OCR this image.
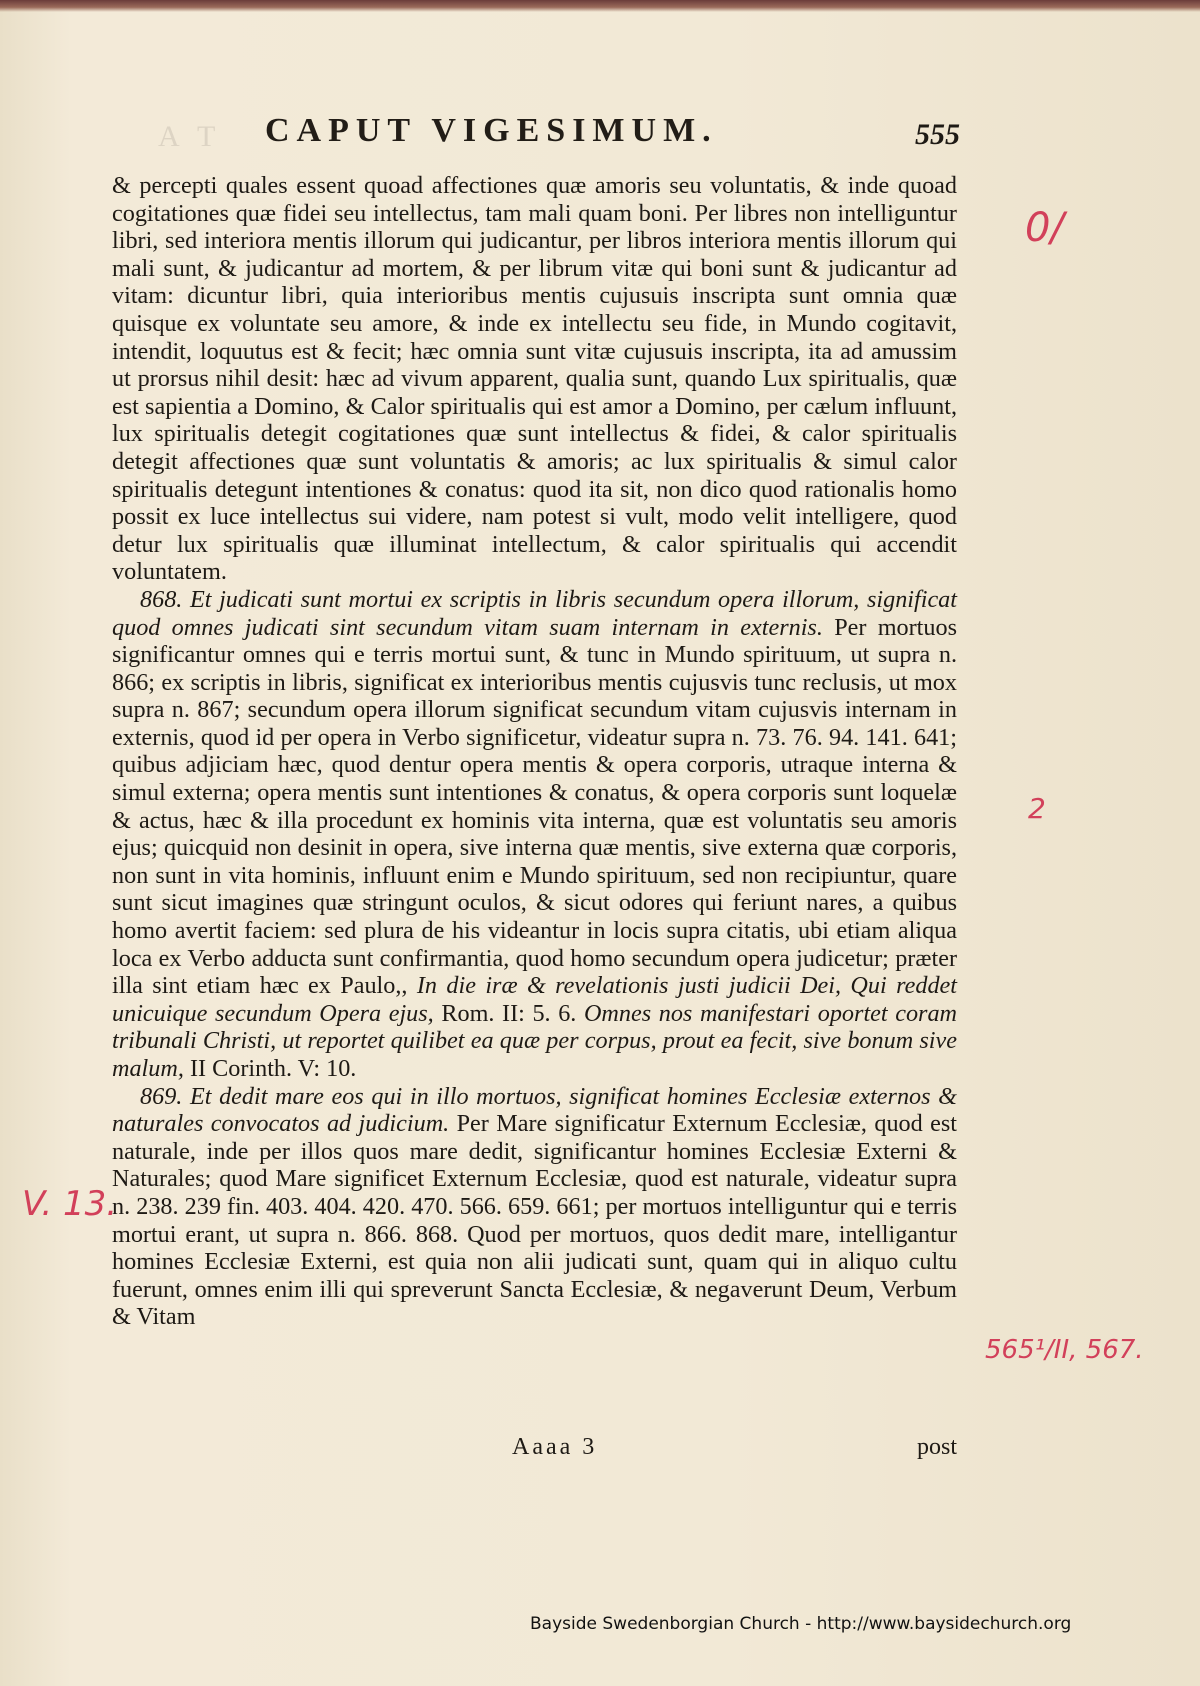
A T CAPUT VIGESIMUM.	555

& percepti quales essent quoad affectiones quæ amoris seu voluntatis, & inde quoad cogitationes quæ fidei seu intellectus, tam mali quam boni. Per libres non intelliguntur libri, sed interiora mentis illorum qui judicantur, per libros interiora mentis illorum qui mali sunt, & judicantur ad mortem, & per librum vitæ qui boni sunt & judicantur ad vitam: dicuntur libri, quia interioribus mentis cujusuis inscripta sunt omnia quæ quisque ex voluntate seu amore, & inde ex intellectu seu fide, in Mundo cogitavit, intendit, loquutus est & fecit; hæc omnia sunt vitæ cujusuis inscripta, ita ad amussim ut prorsus nihil desit: hæc ad vivum apparent, qualia sunt, quando Lux spiritualis, quæ est sapientia a Domino, & Calor spiritualis qui est amor a Domino, per cælum influunt, lux spiritualis detegit cogitationes quæ sunt intellectus & fidei, & calor spiritualis detegit affectiones quæ sunt voluntatis & amoris; ac lux spiritualis & simul calor spiritualis detegunt intentiones & conatus: quod ita sit, non dico quod rationalis homo possit ex luce intellectus sui videre, nam potest si vult, modo velit intelligere, quod detur lux spiritualis quæ illuminat intellectum, & calor spiritualis qui accendit voluntatem.

868. Et judicati sunt mortui ex scriptis in libris secundum opera illorum, significat quod omnes judicati sint secundum vitam suam internam in externis. Per mortuos significantur omnes qui e terris mortui sunt, & tunc in Mundo spirituum, ut supra n. 866; ex scriptis in libris, significat ex interioribus mentis cujusvis tunc reclusis, ut mox supra n. 867; secundum opera illorum significat secundum vitam cujusvis internam in externis, quod id per opera in Verbo significetur, videatur supra n. 73. 76. 94. 141. 641; quibus adjiciam hæc, quod dentur opera mentis & opera corporis, utraque interna & simul externa; opera mentis sunt intentiones & conatus, & opera corporis sunt loquelæ & actus, hæc & illa procedunt ex hominis vita interna, quæ est voluntatis seu amoris ejus; quicquid non desinit in opera, sive interna quæ mentis, sive externa quæ corporis, non sunt in vita hominis, influunt enim e Mundo spirituum, sed non recipiuntur, quare sunt sicut imagines quæ stringunt oculos, & sicut odores qui feriunt nares, a quibus homo avertit faciem: sed plura de his videantur in locis supra citatis, ubi etiam aliqua loca ex Verbo adducta sunt confirmantia, quod homo secundum opera judicetur; præter illa sint etiam hæc ex Paulo,, In die iræ & revelationis justi judicii Dei, Qui reddet unicuique secundum Opera ejus, Rom. II: 5. 6. Omnes nos manifestari oportet coram tribunali Christi, ut reportet quilibet ea quæ per corpus, prout ea fecit, sive bonum sive malum, II Corinth. V: 10.

869. Et dedit mare eos qui in illo mortuos, significat homines Ecclesiæ externos & naturales convocatos ad judicium. Per Mare significatur Externum Ecclesiæ, quod est naturale, inde per illos quos mare dedit, significantur homines Ecclesiæ Externi & Naturales; quod Mare significet Externum Ecclesiæ, quod est naturale, videatur supra n. 238. 239 fin. 403. 404. 420. 470. 566. 659. 661; per mortuos intelliguntur qui e terris mortui erant, ut supra n. 866. 868. Quod per mortuos, quos dedit mare, intelligantur homines Ecclesiæ Externi, est quia non alii judicati sunt, quam qui in aliquo cultu fuerunt, omnes enim illi qui spreverunt Sancta Ecclesiæ, & negaverunt Deum, Verbum & Vitam

Aaaa 3	post
0/
2
V. 13.
565¹/II, 567.
Bayside Swedenborgian Church - http://www.baysidechurch.org
